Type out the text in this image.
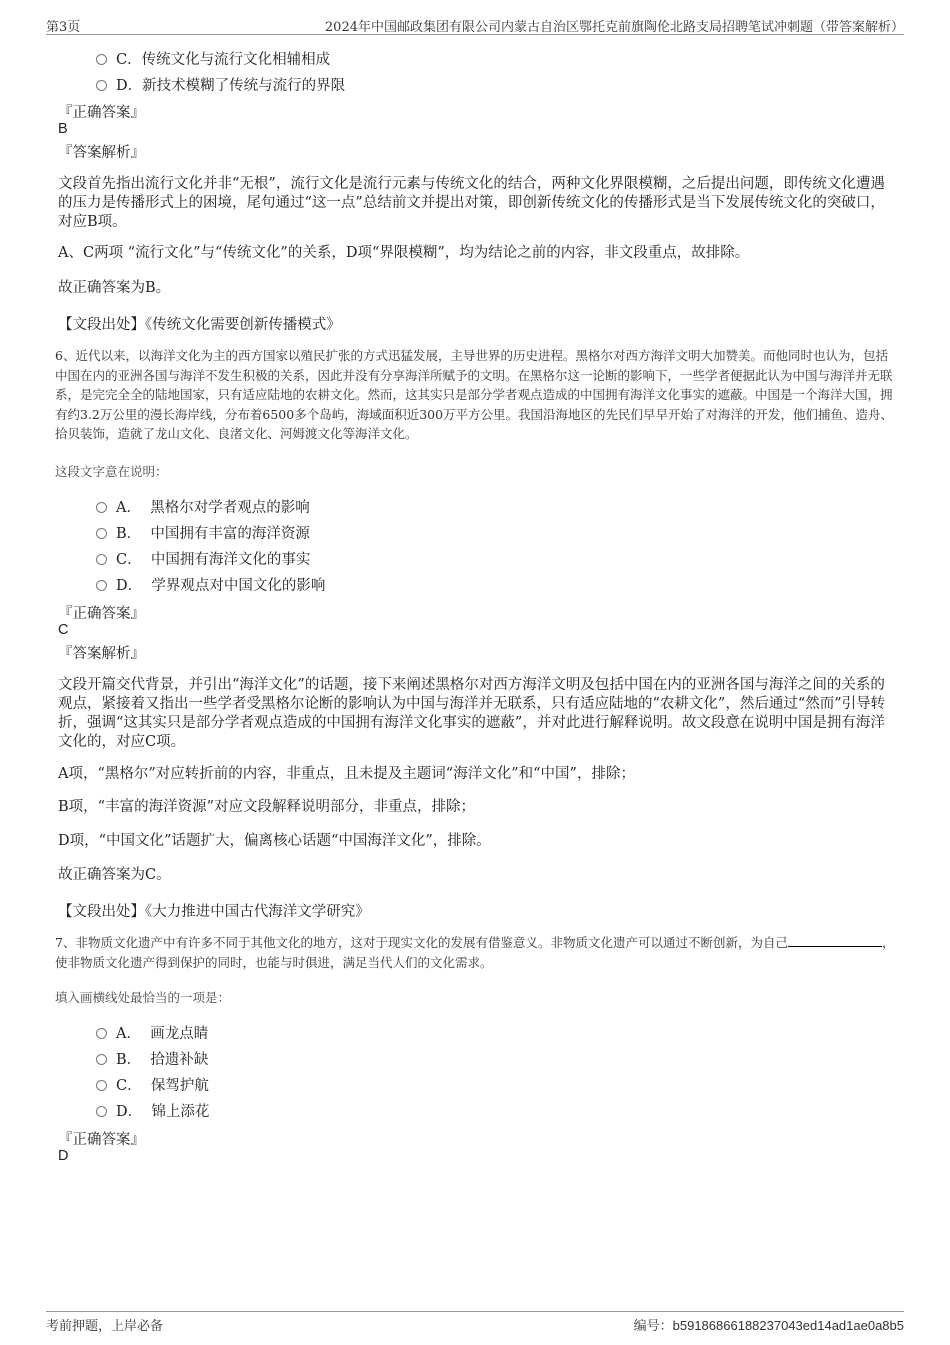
第3页	2024年中国邮政集团有限公司内蒙古自治区鄂托克前旗陶伦北路支局招聘笔试冲刺题（带答案解析）
C．传统文化与流行文化相辅相成
D．新技术模糊了传统与流行的界限
『正确答案』
B
『答案解析』
文段首先指出流行文化并非“无根”，流行文化是流行元素与传统文化的结合，两种文化界限模糊，之后提出问题，即传统文化遭遇的压力是传播形式上的困境，尾句通过“这一点”总结前文并提出对策，即创新传统文化的传播形式是当下发展传统文化的突破口，对应B项。
A、C两项 “流行文化”与“传统文化”的关系，D项“界限模糊”，均为结论之前的内容，非文段重点，故排除。
故正确答案为B。
【文段出处】《传统文化需要创新传播模式》
6、近代以来，以海洋文化为主的西方国家以殖民扩张的方式迅猛发展，主导世界的历史进程。黑格尔对西方海洋文明大加赞美。而他同时也认为，包括中国在内的亚洲各国与海洋不发生积极的关系，因此并没有分享海洋所赋予的文明。在黑格尔这一论断的影响下，一些学者便据此认为中国与海洋并无联系，是完完全全的陆地国家，只有适应陆地的农耕文化。然而，这其实只是部分学者观点造成的中国拥有海洋文化事实的遮蔽。中国是一个海洋大国，拥有约3.2万公里的漫长海岸线，分布着6500多个岛屿，海域面积近300万平方公里。我国沿海地区的先民们早早开始了对海洋的开发，他们捕鱼、造舟、拾贝装饰，造就了龙山文化、良渚文化、河姆渡文化等海洋文化。
这段文字意在说明：
A． 黑格尔对学者观点的影响
B． 中国拥有丰富的海洋资源
C． 中国拥有海洋文化的事实
D． 学界观点对中国文化的影响
『正确答案』
C
『答案解析』
文段开篇交代背景，并引出“海洋文化”的话题，接下来阐述黑格尔对西方海洋文明及包括中国在内的亚洲各国与海洋之间的关系的观点，紧接着又指出一些学者受黑格尔论断的影响认为中国与海洋并无联系，只有适应陆地的“农耕文化”，然后通过“然而”引导转折，强调“这其实只是部分学者观点造成的中国拥有海洋文化事实的遮蔽”，并对此进行解释说明。故文段意在说明中国是拥有海洋文化的，对应C项。
A项，“黑格尔”对应转折前的内容，非重点，且未提及主题词“海洋文化”和“中国”，排除；
B项，“丰富的海洋资源”对应文段解释说明部分，非重点，排除；
D项，“中国文化”话题扩大，偏离核心话题“中国海洋文化”，排除。
故正确答案为C。
【文段出处】《大力推进中国古代海洋文学研究》
7、非物质文化遗产中有许多不同于其他文化的地方，这对于现实文化的发展有借鉴意义。非物质文化遗产可以通过不断创新，为自己	，使非物质文化遗产得到保护的同时，也能与时俱进，满足当代人们的文化需求。
填入画横线处最恰当的一项是：
A． 画龙点睛
B． 拾遗补缺
C． 保驾护航
D． 锦上添花
『正确答案』
D
考前押题，上岸必备	编号：b59186866188237043ed14ad1ae0a8b5
